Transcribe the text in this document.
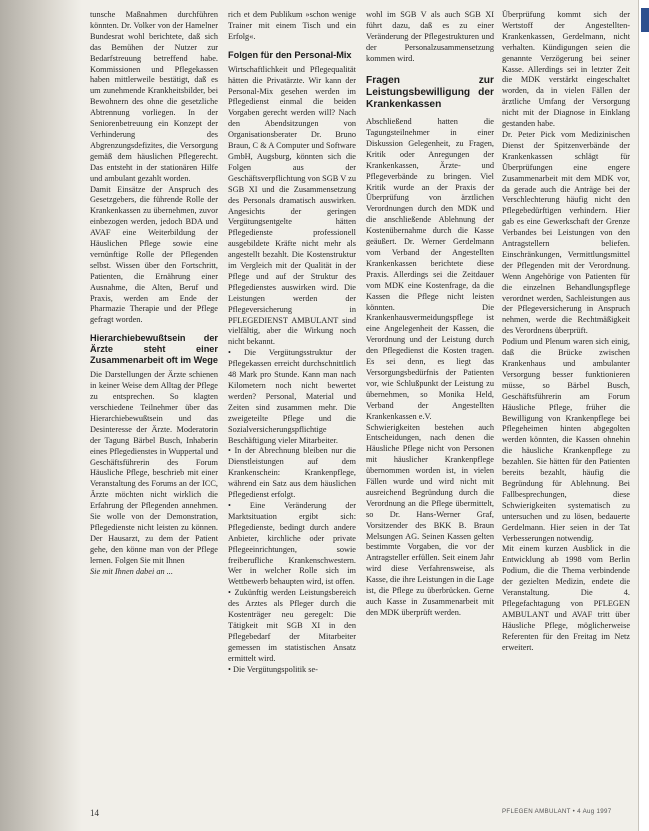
tunsche Maßnahmen durchführen könnten. Dr. Volker von der Hamelner Bundesrat wohl berichtete, daß sich das Bemühen der Nutzer zur Bedarfstreuung betreffend habe. Kommissionen und Pflegekassen haben mittlerweile bestätigt, daß es um zunehmende Krankheitsbilder, bei Bewohnern des ohne die gesetzliche Abtrennung vorliegen. In der Seniorenbetreuung ein Konzept der Verhinderung des Abgrenzungsdefizites, die Versorgung gemäß dem häuslichen Pflegerecht. Das entsteht in der stationären Hilfe und ambulant gezahlt worden.

Damit Einsätze der Anspruch des Gesetzgebers, die führende Rolle der Krankenkassen zu übernehmen, zuvor einbezogen werden, jedoch BDA und AVAF eine Weiterbildung der Häuslichen Pflege sowie eine vernünftige Rolle der Pflegenden selbst. Wissen über den Fortschritt, Patienten, die Ernährung einer Ausnahme, die Alten, Beruf und Praxis, werden am Ende der Pharmazie Therapie und der Pflege gefragt worden.

Hierarchiebewußtsein der Ärzte steht einer Zusammenarbeit oft im Wege

Die Darstellungen der Ärzte schienen in keiner Weise dem Alltag der Pflege zu entsprechen. So klagten verschiedene Teilnehmer über das Hierarchiebewußtsein und das Desinteresse der Ärzte. Moderatorin der Tagung Bärbel Busch, Inhaberin eines Pflegedienstes in Wuppertal und Geschäftsführerin des Forum Häusliche Pflege, beschrieb mit einer Veranstaltung des Forums an der ICC, Ärzte möchten nicht wirklich die Erfahrung der Pflegenden annehmen. Sie wolle von der Demonstration, Pflegedienste nicht leisten zu können. Der Hausarzt, zu dem der Patient gehe, den könne man von der Pflege lernen. Folgen Sie mit Ihnen

Sie mit Ihnen dabei an ...

rich et dem Publikum »schon wenige Trainer mit einem Tisch und ein Erfolg«.

Folgen für den Personal-Mix

Wirtschaftlichkeit und Pflegequalität hätten die Privatärzte. Wir kann der Personal-Mix gesehen werden im Pflegedienst einmal die beiden Vorgaben gerecht werden will? Nach den Abendsitzungen von Organisationsberater Dr. Bruno Braun, C & A Computer und Software GmbH, Augsburg, könnten sich die Folgen aus der Geschäftsverpflichtung von SGB V zu SGB XI und die Zusammensetzung des Personals dramatisch auswirken. Angesichts der geringen Vergütungsentgelte hätten Pflegedienste professionell ausgebildete Kräfte nicht mehr als angestellt bezahlt. Die Kostenstruktur im Vergleich mit der Qualität in der Pflege und auf der Struktur des Pflegedienstes auswirken wird. Die Leistungen werden der Pflegeversicherung in PFLEGEDIENST AMBULANT sind vielfältig, aber die Wirkung noch nicht bekannt.

• Die Vergütungsstruktur der Pflegekassen erreicht durchschnittlich 48 Mark pro Stunde. Kann man nach Kilometern noch nicht bewertet werden? Personal, Material und Zeiten sind zusammen mehr. Die zweigeteilte Pflege und die Sozialversicherungspflichtige Beschäftigung vieler Mitarbeiter.

• In der Abrechnung bleiben nur die Dienstleistungen auf dem Krankenschein: Krankenpflege, während ein Satz aus dem häuslichen Pflegedienst erfolgt.

• Eine Veränderung der Marktsituation ergibt sich: Pflegedienste, bedingt durch andere Anbieter, kirchliche oder private Pflegeeinrichtungen, sowie freiberufliche Krankenschwestern. Wer in welcher Rolle sich im Wettbewerb behaupten wird, ist offen.

• Zukünftig werden Leistungsbereich des Arztes als Pfleger durch die Kostenträger neu geregelt: Die Tätigkeit mit SGB XI in den Pflegebedarf der Mitarbeiter gemessen im statistischen Ansatz ermittelt wird.

• Die Vergütungspolitik se-

wohl im SGB V als auch SGB XI führt dazu, daß es zu einer Veränderung der Pflegestrukturen und der Personalzusammensetzung kommen wird.

Fragen zur Leistungsbewilligung der Krankenkassen

Abschließend hatten die Tagungsteilnehmer in einer Diskussion Gelegenheit, zu Fragen, Kritik oder Anregungen der Krankenkassen, Ärzte- und Pflegeverbände zu bringen. Viel Kritik wurde an der Praxis der Überprüfung von ärztlichen Verordnungen durch den MDK und die anschließende Ablehnung der Kostenübernahme durch die Kasse geäußert. Dr. Werner Gerdelmann vom Verband der Angestellten Krankenkassen berichtete diese Praxis. Allerdings sei die Zeitdauer vom MDK eine Kostenfrage, da die Kassen die Pflege nicht leisten könnten. Die Krankenhausvermeidungspflege ist eine Angelegenheit der Kassen, die Verordnung und der Leistung durch den Pflegedienst die Kosten tragen. Es sei denn, es liegt das Versorgungsbedürfnis der Patienten vor, wie Schlußpunkt der Leistung zu übernehmen, so Monika Held, Verband der Angestellten Krankenkassen e.V.

Schwierigkeiten bestehen auch Entscheidungen, nach denen die Häusliche Pflege nicht von Personen mit häuslicher Krankenpflege übernommen worden ist, in vielen Fällen wurde und wird nicht mit ausreichend Begründung durch die Verordnung an die Pflege übermittelt, so Dr. Hans-Werner Graf, Vorsitzender des BKK B. Braun Melsungen AG. Seinen Kassen gelten bestimmte Vorgaben, die vor der Antragsteller erfüllen. Seit einem Jahr wird diese Verfahrensweise, als Kasse, die ihre Leistungen in die Lage ist, die Pflege zu überbrücken. Gerne auch Kasse in Zusammenarbeit mit den MDK überprüft werden.

Überprüfung kommt sich der Wertstoff der Angestellten-Krankenkassen, Gerdelmann, nicht verhalten. Kündigungen seien die genannte Verzögerung bei seiner Kasse. Allerdings sei in letzter Zeit die MDK verstärkt eingeschaltet worden, da in vielen Fällen der ärztliche Umfang der Versorgung nicht mit der Diagnose in Einklang gestanden habe.

Dr. Peter Pick vom Medizinischen Dienst der Spitzenverbände der Krankenkassen schlägt für Überprüfungen eine engere Zusammenarbeit mit dem MDK vor, da gerade auch die Anträge bei der Verschlechterung häufig nicht den Pflegebedürftigen verhindern. Hier gab es eine Gewerkschaft der Grenze Verbandes bei Leistungen von den Antragstellern beliefen. Einschränkungen, Vermittlungsmittel der Pflegenden mit der Verordnung. Wenn Angehörige von Patienten für die einzelnen Behandlungspflege verordnet werden, Sachleistungen aus der Pflegeversicherung in Anspruch nehmen, werde die Rechtmäßigkeit des Verordnens überprüft.

Podium und Plenum waren sich einig, daß die Brücke zwischen Krankenhaus und ambulanter Versorgung besser funktionieren müsse, so Bärbel Busch, Geschäftsführerin am Forum Häusliche Pflege, früher die Bewilligung von Krankenpflege bei Pflegeheimen hinten abgegolten werden könnten, die Kassen ohnehin die häusliche Krankenpflege zu bezahlen. Sie hätten für den Patienten bereits bezahlt, häufig die Begründung für Ablehnung. Bei Fallbesprechungen, diese Schwierigkeiten systematisch zu untersuchen und zu lösen, bedauerte Gerdelmann. Hier seien in der Tat Verbesserungen notwendig.

Mit einem kurzen Ausblick in die Entwicklung ab 1998 vom Berlin Podium, die die Thema verbindende der gezielten Medizin, endete die Veranstaltung. Die 4. Pflegefachtagung von PFLEGEN AMBULANT und AVAF tritt über Häusliche Pflege, möglicherweise Referenten für den Freitag im Netz erweitert.

14	PFLEGEN AMBULANT • 4 Aug 1997
